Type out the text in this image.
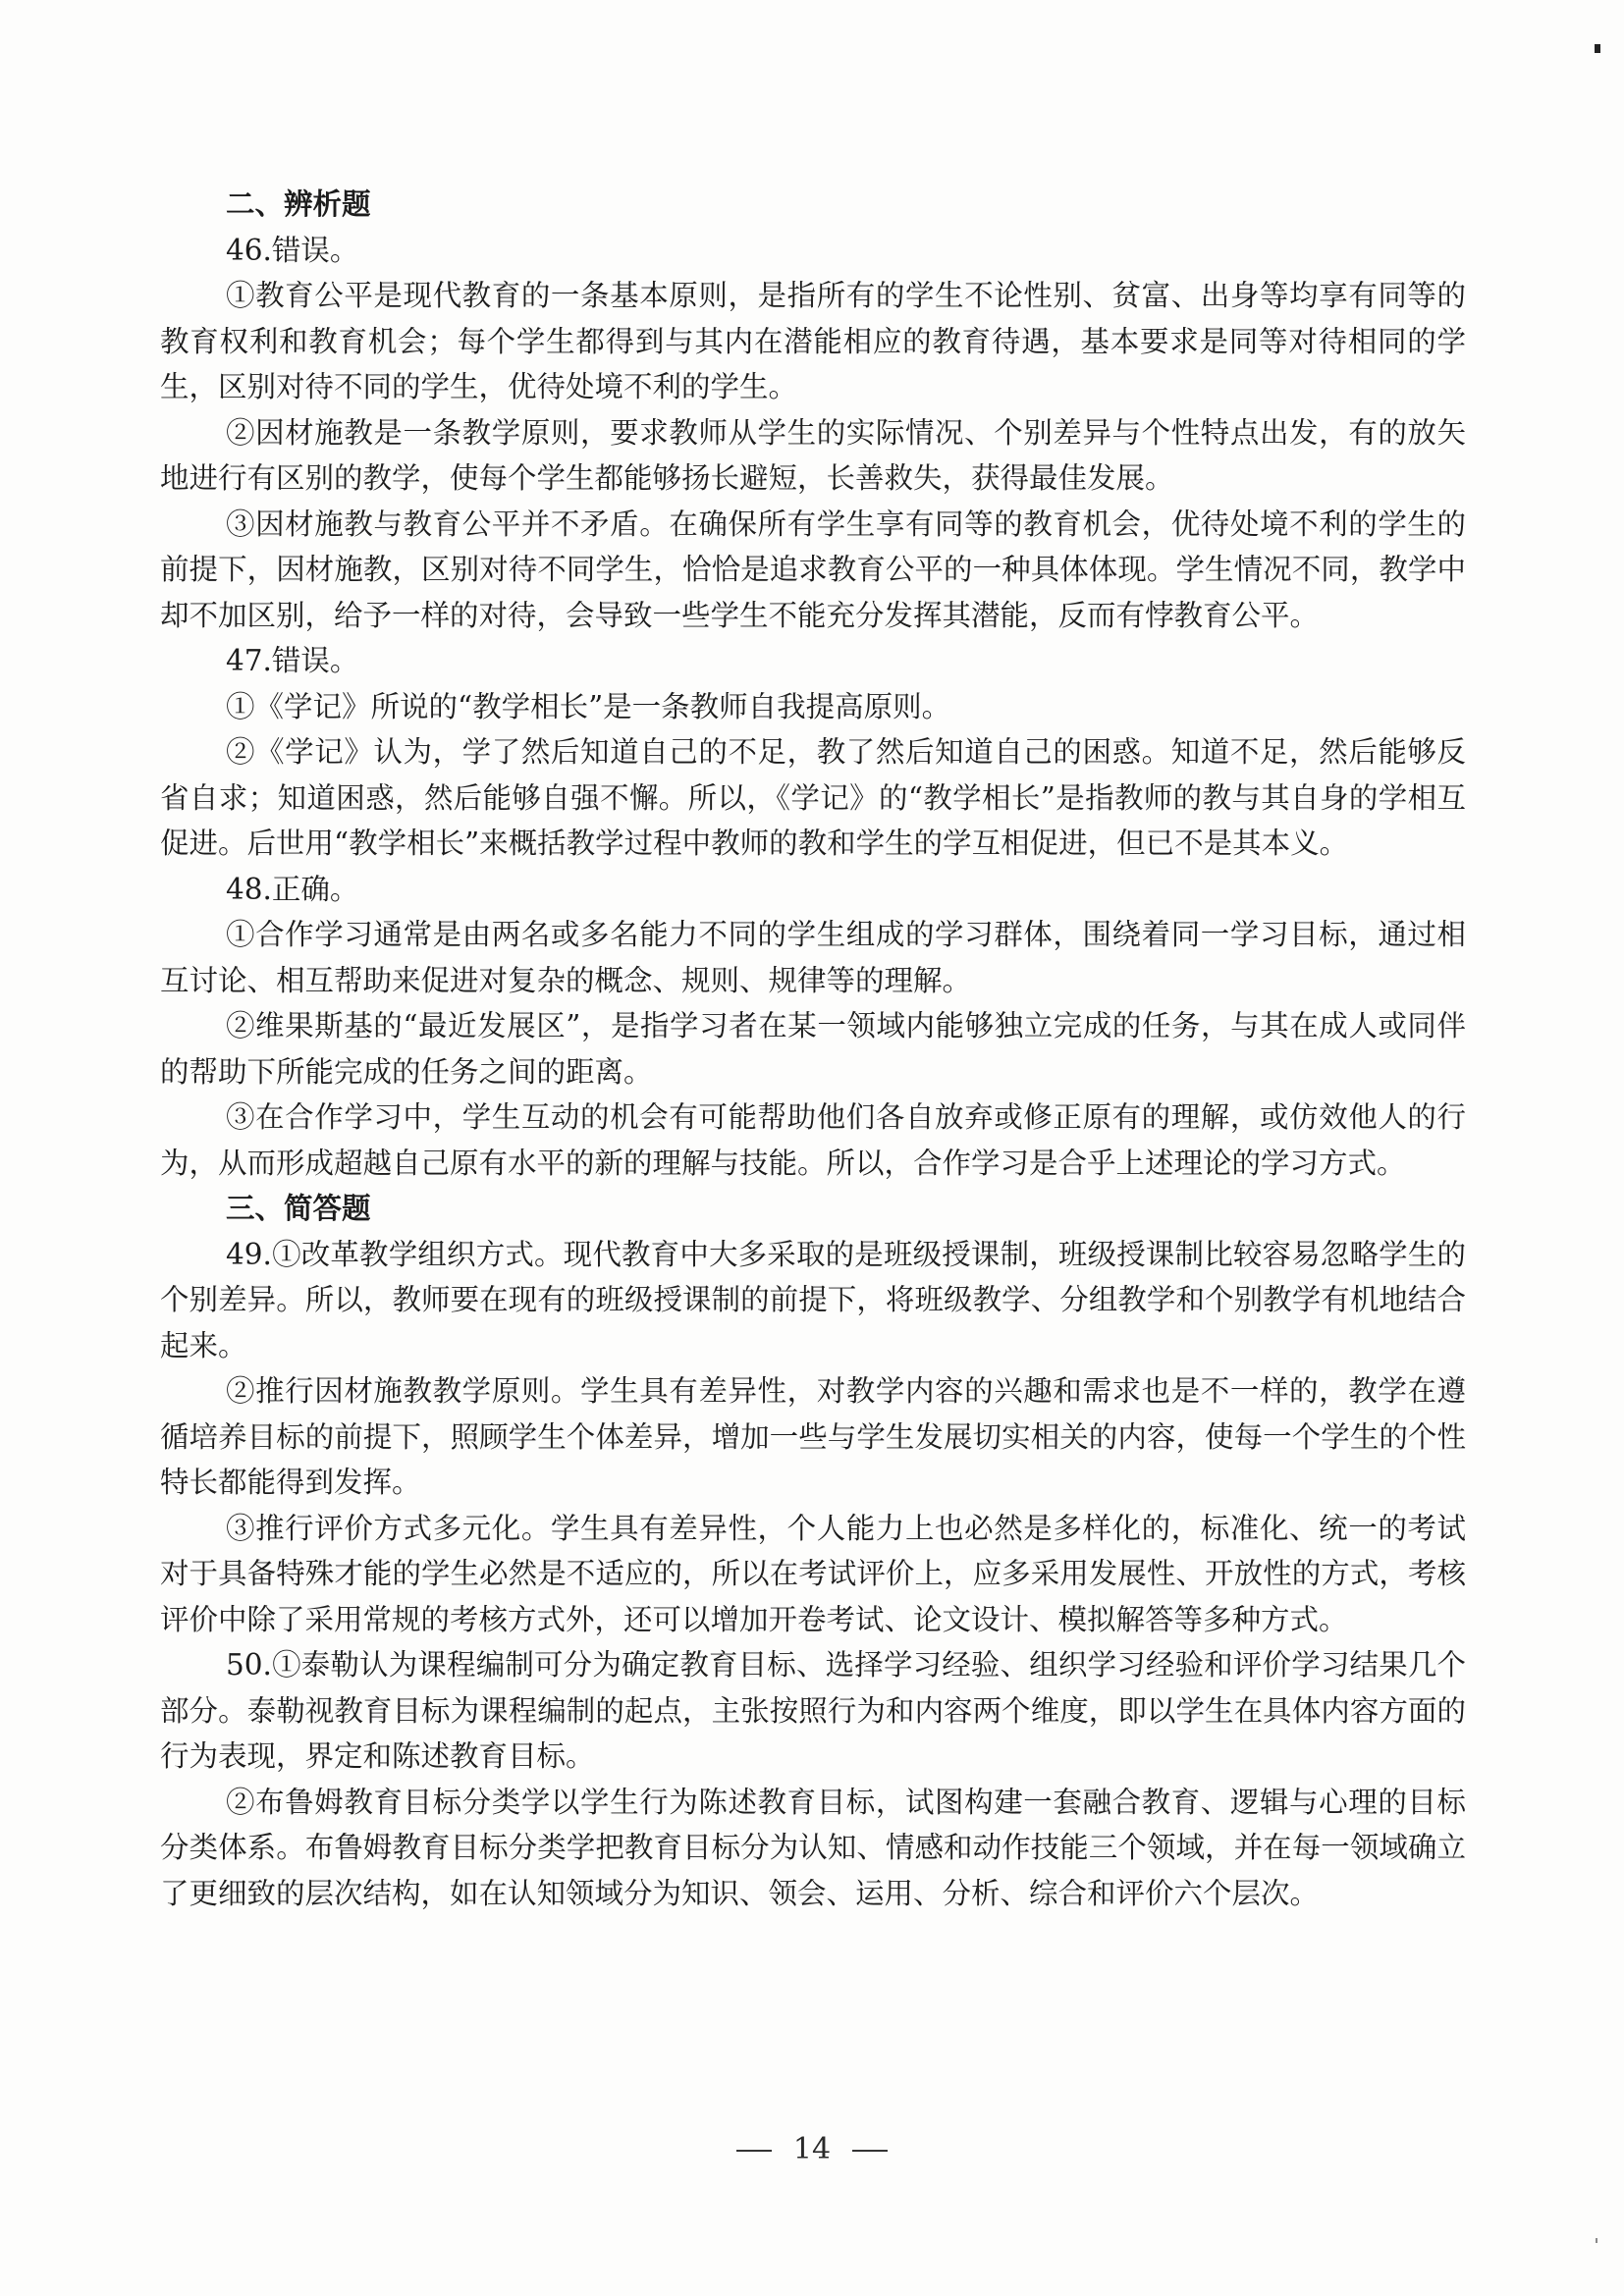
二、辨析题

46.错误。

①教育公平是现代教育的一条基本原则，是指所有的学生不论性别、贫富、出身等均享有同等的教育权利和教育机会；每个学生都得到与其内在潜能相应的教育待遇，基本要求是同等对待相同的学生，区别对待不同的学生，优待处境不利的学生。

②因材施教是一条教学原则，要求教师从学生的实际情况、个别差异与个性特点出发，有的放矢地进行有区别的教学，使每个学生都能够扬长避短，长善救失，获得最佳发展。

③因材施教与教育公平并不矛盾。在确保所有学生享有同等的教育机会，优待处境不利的学生的前提下，因材施教，区别对待不同学生，恰恰是追求教育公平的一种具体体现。学生情况不同，教学中却不加区别，给予一样的对待，会导致一些学生不能充分发挥其潜能，反而有悖教育公平。

47.错误。

①《学记》所说的“教学相长”是一条教师自我提高原则。

②《学记》认为，学了然后知道自己的不足，教了然后知道自己的困惑。知道不足，然后能够反省自求；知道困惑，然后能够自强不懈。所以，《学记》的“教学相长”是指教师的教与其自身的学相互促进。后世用“教学相长”来概括教学过程中教师的教和学生的学互相促进，但已不是其本义。

48.正确。

①合作学习通常是由两名或多名能力不同的学生组成的学习群体，围绕着同一学习目标，通过相互讨论、相互帮助来促进对复杂的概念、规则、规律等的理解。

②维果斯基的“最近发展区”，是指学习者在某一领域内能够独立完成的任务，与其在成人或同伴的帮助下所能完成的任务之间的距离。

③在合作学习中，学生互动的机会有可能帮助他们各自放弃或修正原有的理解，或仿效他人的行为，从而形成超越自己原有水平的新的理解与技能。所以，合作学习是合乎上述理论的学习方式。

三、简答题

49.①改革教学组织方式。现代教育中大多采取的是班级授课制，班级授课制比较容易忽略学生的个别差异。所以，教师要在现有的班级授课制的前提下，将班级教学、分组教学和个别教学有机地结合起来。

②推行因材施教教学原则。学生具有差异性，对教学内容的兴趣和需求也是不一样的，教学在遵循培养目标的前提下，照顾学生个体差异，增加一些与学生发展切实相关的内容，使每一个学生的个性特长都能得到发挥。

③推行评价方式多元化。学生具有差异性，个人能力上也必然是多样化的，标准化、统一的考试对于具备特殊才能的学生必然是不适应的，所以在考试评价上，应多采用发展性、开放性的方式，考核评价中除了采用常规的考核方式外，还可以增加开卷考试、论文设计、模拟解答等多种方式。

50.①泰勒认为课程编制可分为确定教育目标、选择学习经验、组织学习经验和评价学习结果几个部分。泰勒视教育目标为课程编制的起点，主张按照行为和内容两个维度，即以学生在具体内容方面的行为表现，界定和陈述教育目标。

②布鲁姆教育目标分类学以学生行为陈述教育目标，试图构建一套融合教育、逻辑与心理的目标分类体系。布鲁姆教育目标分类学把教育目标分为认知、情感和动作技能三个领域，并在每一领域确立了更细致的层次结构，如在认知领域分为知识、领会、运用、分析、综合和评价六个层次。

14
